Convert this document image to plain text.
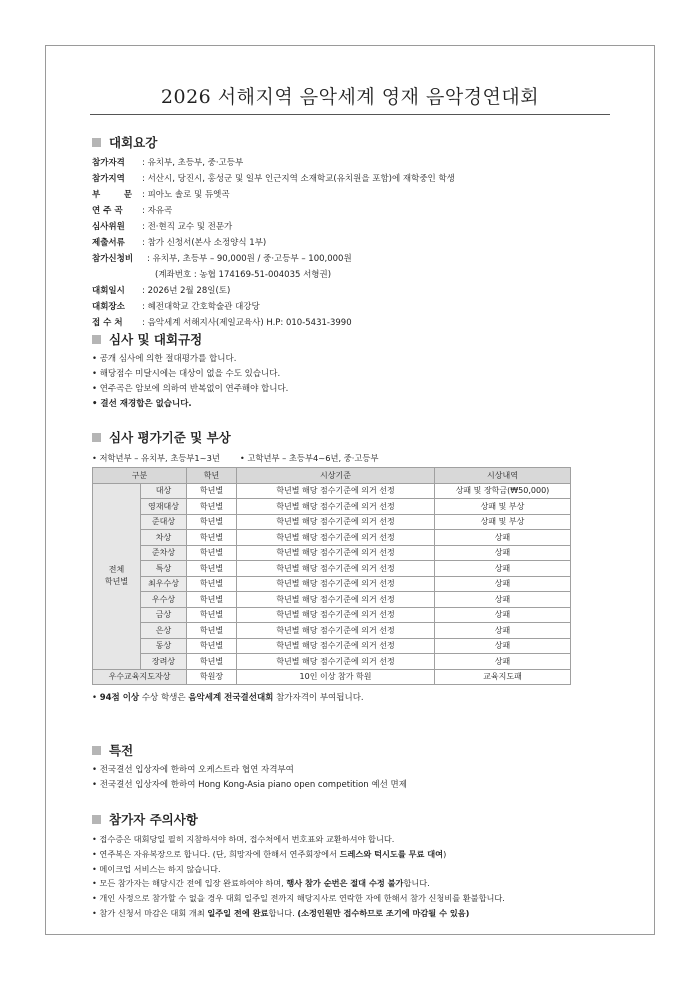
2026 서해지역 음악세계 영재 음악경연대회
대회요강
참가자격	: 유치부, 초등부, 중·고등부
참가지역	: 서산시, 당진시, 홍성군 및 일부 인근지역 소재학교(유치원을 포함)에 재학중인 학생
부        문	: 피아노 솔로 및 듀엣곡
연 주 곡	: 자유곡
심사위원	: 전·현직 교수 및 전문가
제출서류	: 참가 신청서(본사 소정양식 1부)
참가신청비	: 유치부, 초등부 – 90,000원 / 중·고등부 – 100,000원
(계좌번호 : 농협 174169-51-004035 서형권)
대회일시	: 2026년 2월 28일(토)
대회장소	: 혜전대학교 간호학술관 대강당
접 수 처	: 음악세계 서해지사(제일교육사) H.P: 010-5431-3990
심사 및 대회규정
• 공개 심사에 의한 절대평가를 합니다.
• 해당점수 미달시에는 대상이 없을 수도 있습니다.
• 연주곡은 암보에 의하여 반복없이 연주해야 합니다.
• 결선 재경합은 없습니다.
심사 평가기준 및 부상
• 저학년부 – 유치부, 초등부1~3년 • 고학년부 – 초등부4~6년, 중·고등부
구분		학년	시상기준	시상내역

전체
학년별	대상	학년별	학년별 해당 점수기준에 의거 선정	상패 및 장학금(₩50,000)
	영재대상	학년별	학년별 해당 점수기준에 의거 선정	상패 및 부상
	준대상	학년별	학년별 해당 점수기준에 의거 선정	상패 및 부상
	차상	학년별	학년별 해당 점수기준에 의거 선정	상패
	준차상	학년별	학년별 해당 점수기준에 의거 선정	상패
	특상	학년별	학년별 해당 점수기준에 의거 선정	상패
	최우수상	학년별	학년별 해당 점수기준에 의거 선정	상패
	우수상	학년별	학년별 해당 점수기준에 의거 선정	상패
	금상	학년별	학년별 해당 점수기준에 의거 선정	상패
	은상	학년별	학년별 해당 점수기준에 의거 선정	상패
	동상	학년별	학년별 해당 점수기준에 의거 선정	상패
	장려상	학년별	학년별 해당 점수기준에 의거 선정	상패
우수교육지도자상		학원장	10인 이상 참가 학원	교육지도패
• 94점 이상 수상 학생은 음악세계 전국결선대회 참가자격이 부여됩니다.
특전
• 전국결선 입상자에 한하여 오케스트라 협연 자격부여
• 전국결선 입상자에 한하여 Hong Kong-Asia piano open competition 예선 면제
참가자 주의사항
• 접수증은 대회당일 필히 지참하셔야 하며, 접수처에서 번호표와 교환하셔야 합니다.
• 연주복은 자유복장으로 합니다. (단, 희망자에 한해서 연주회장에서 드레스와 턱시도를 무료 대여)
• 메이크업 서비스는 하지 않습니다.
• 모든 참가자는 해당시간 전에 입장 완료하여야 하며, 행사 참가 순번은 절대 수정 불가합니다.
• 개인 사정으로 참가할 수 없을 경우 대회 일주일 전까지 해당지사로 연락한 자에 한해서 참가 신청비를 환불합니다.
• 참가 신청서 마감은 대회 개최 일주일 전에 완료합니다. (소정인원만 접수하므로 조기에 마감될 수 있음)
